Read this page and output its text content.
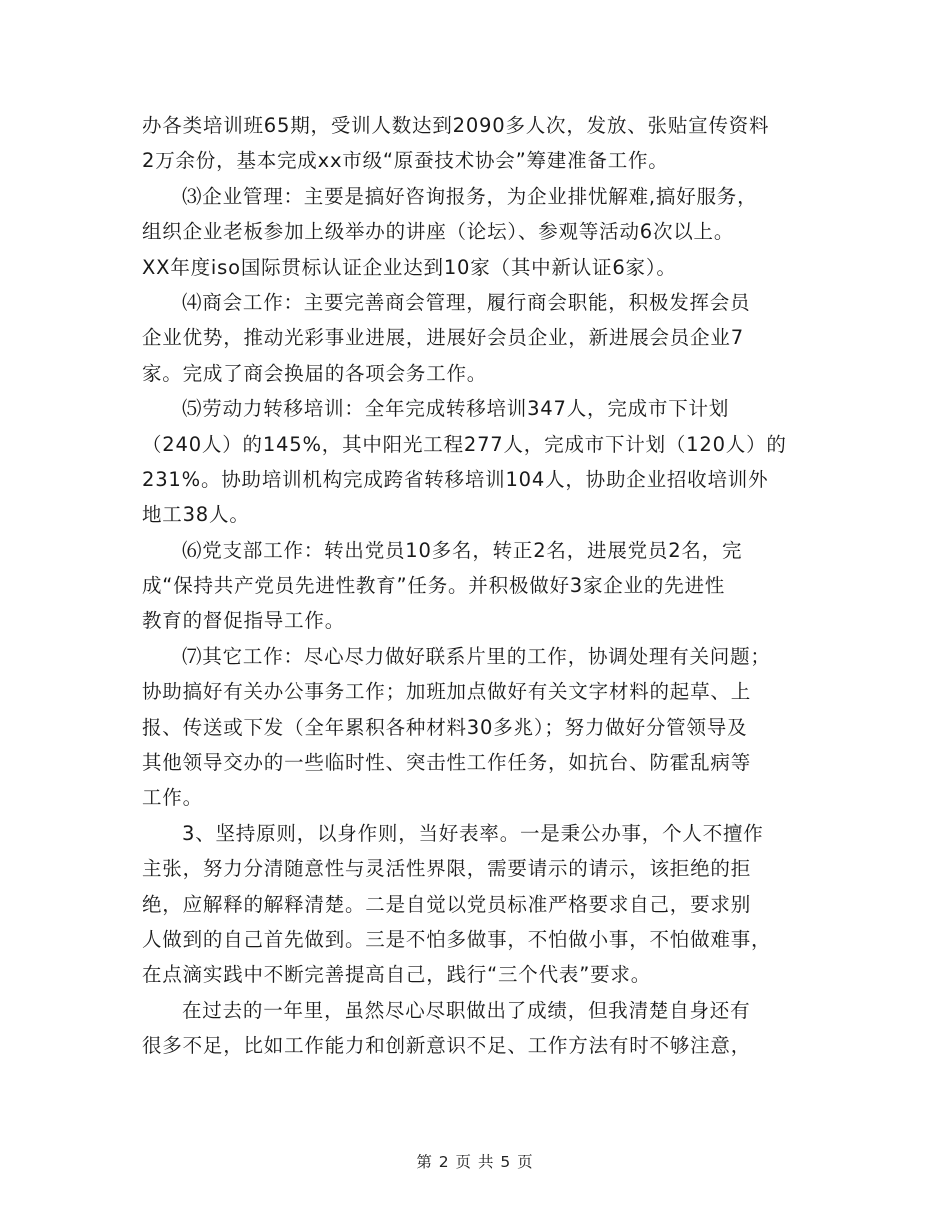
办各类培训班65期，受训人数达到2090多人次，发放、张贴宣传资料
2万余份，基本完成xx市级“原蚕技术协会”筹建准备工作。
⑶企业管理：主要是搞好咨询报务，为企业排忧解难,搞好服务，
组织企业老板参加上级举办的讲座（论坛）、参观等活动6次以上。
XX年度iso国际贯标认证企业达到10家（其中新认证6家）。
⑷商会工作：主要完善商会管理，履行商会职能，积极发挥会员
企业优势，推动光彩事业进展，进展好会员企业，新进展会员企业7
家。完成了商会换届的各项会务工作。
⑸劳动力转移培训：全年完成转移培训347人，完成市下计划
（240人）的145%，其中阳光工程277人，完成市下计划（120人）的
231%。协助培训机构完成跨省转移培训104人，协助企业招收培训外
地工38人。
⑹党支部工作：转出党员10多名，转正2名，进展党员2名，完
成“保持共产党员先进性教育”任务。并积极做好3家企业的先进性
教育的督促指导工作。
⑺其它工作：尽心尽力做好联系片里的工作，协调处理有关问题；
协助搞好有关办公事务工作；加班加点做好有关文字材料的起草、上
报、传送或下发（全年累积各种材料30多兆）；努力做好分管领导及
其他领导交办的一些临时性、突击性工作任务，如抗台、防霍乱病等
工作。
3、坚持原则，以身作则，当好表率。一是秉公办事，个人不擅作
主张，努力分清随意性与灵活性界限，需要请示的请示，该拒绝的拒
绝，应解释的解释清楚。二是自觉以党员标准严格要求自己，要求别
人做到的自己首先做到。三是不怕多做事，不怕做小事，不怕做难事，
在点滴实践中不断完善提高自己，践行“三个代表”要求。
在过去的一年里，虽然尽心尽职做出了成绩，但我清楚自身还有
很多不足，比如工作能力和创新意识不足、工作方法有时不够注意，
第 2 页 共 5 页
